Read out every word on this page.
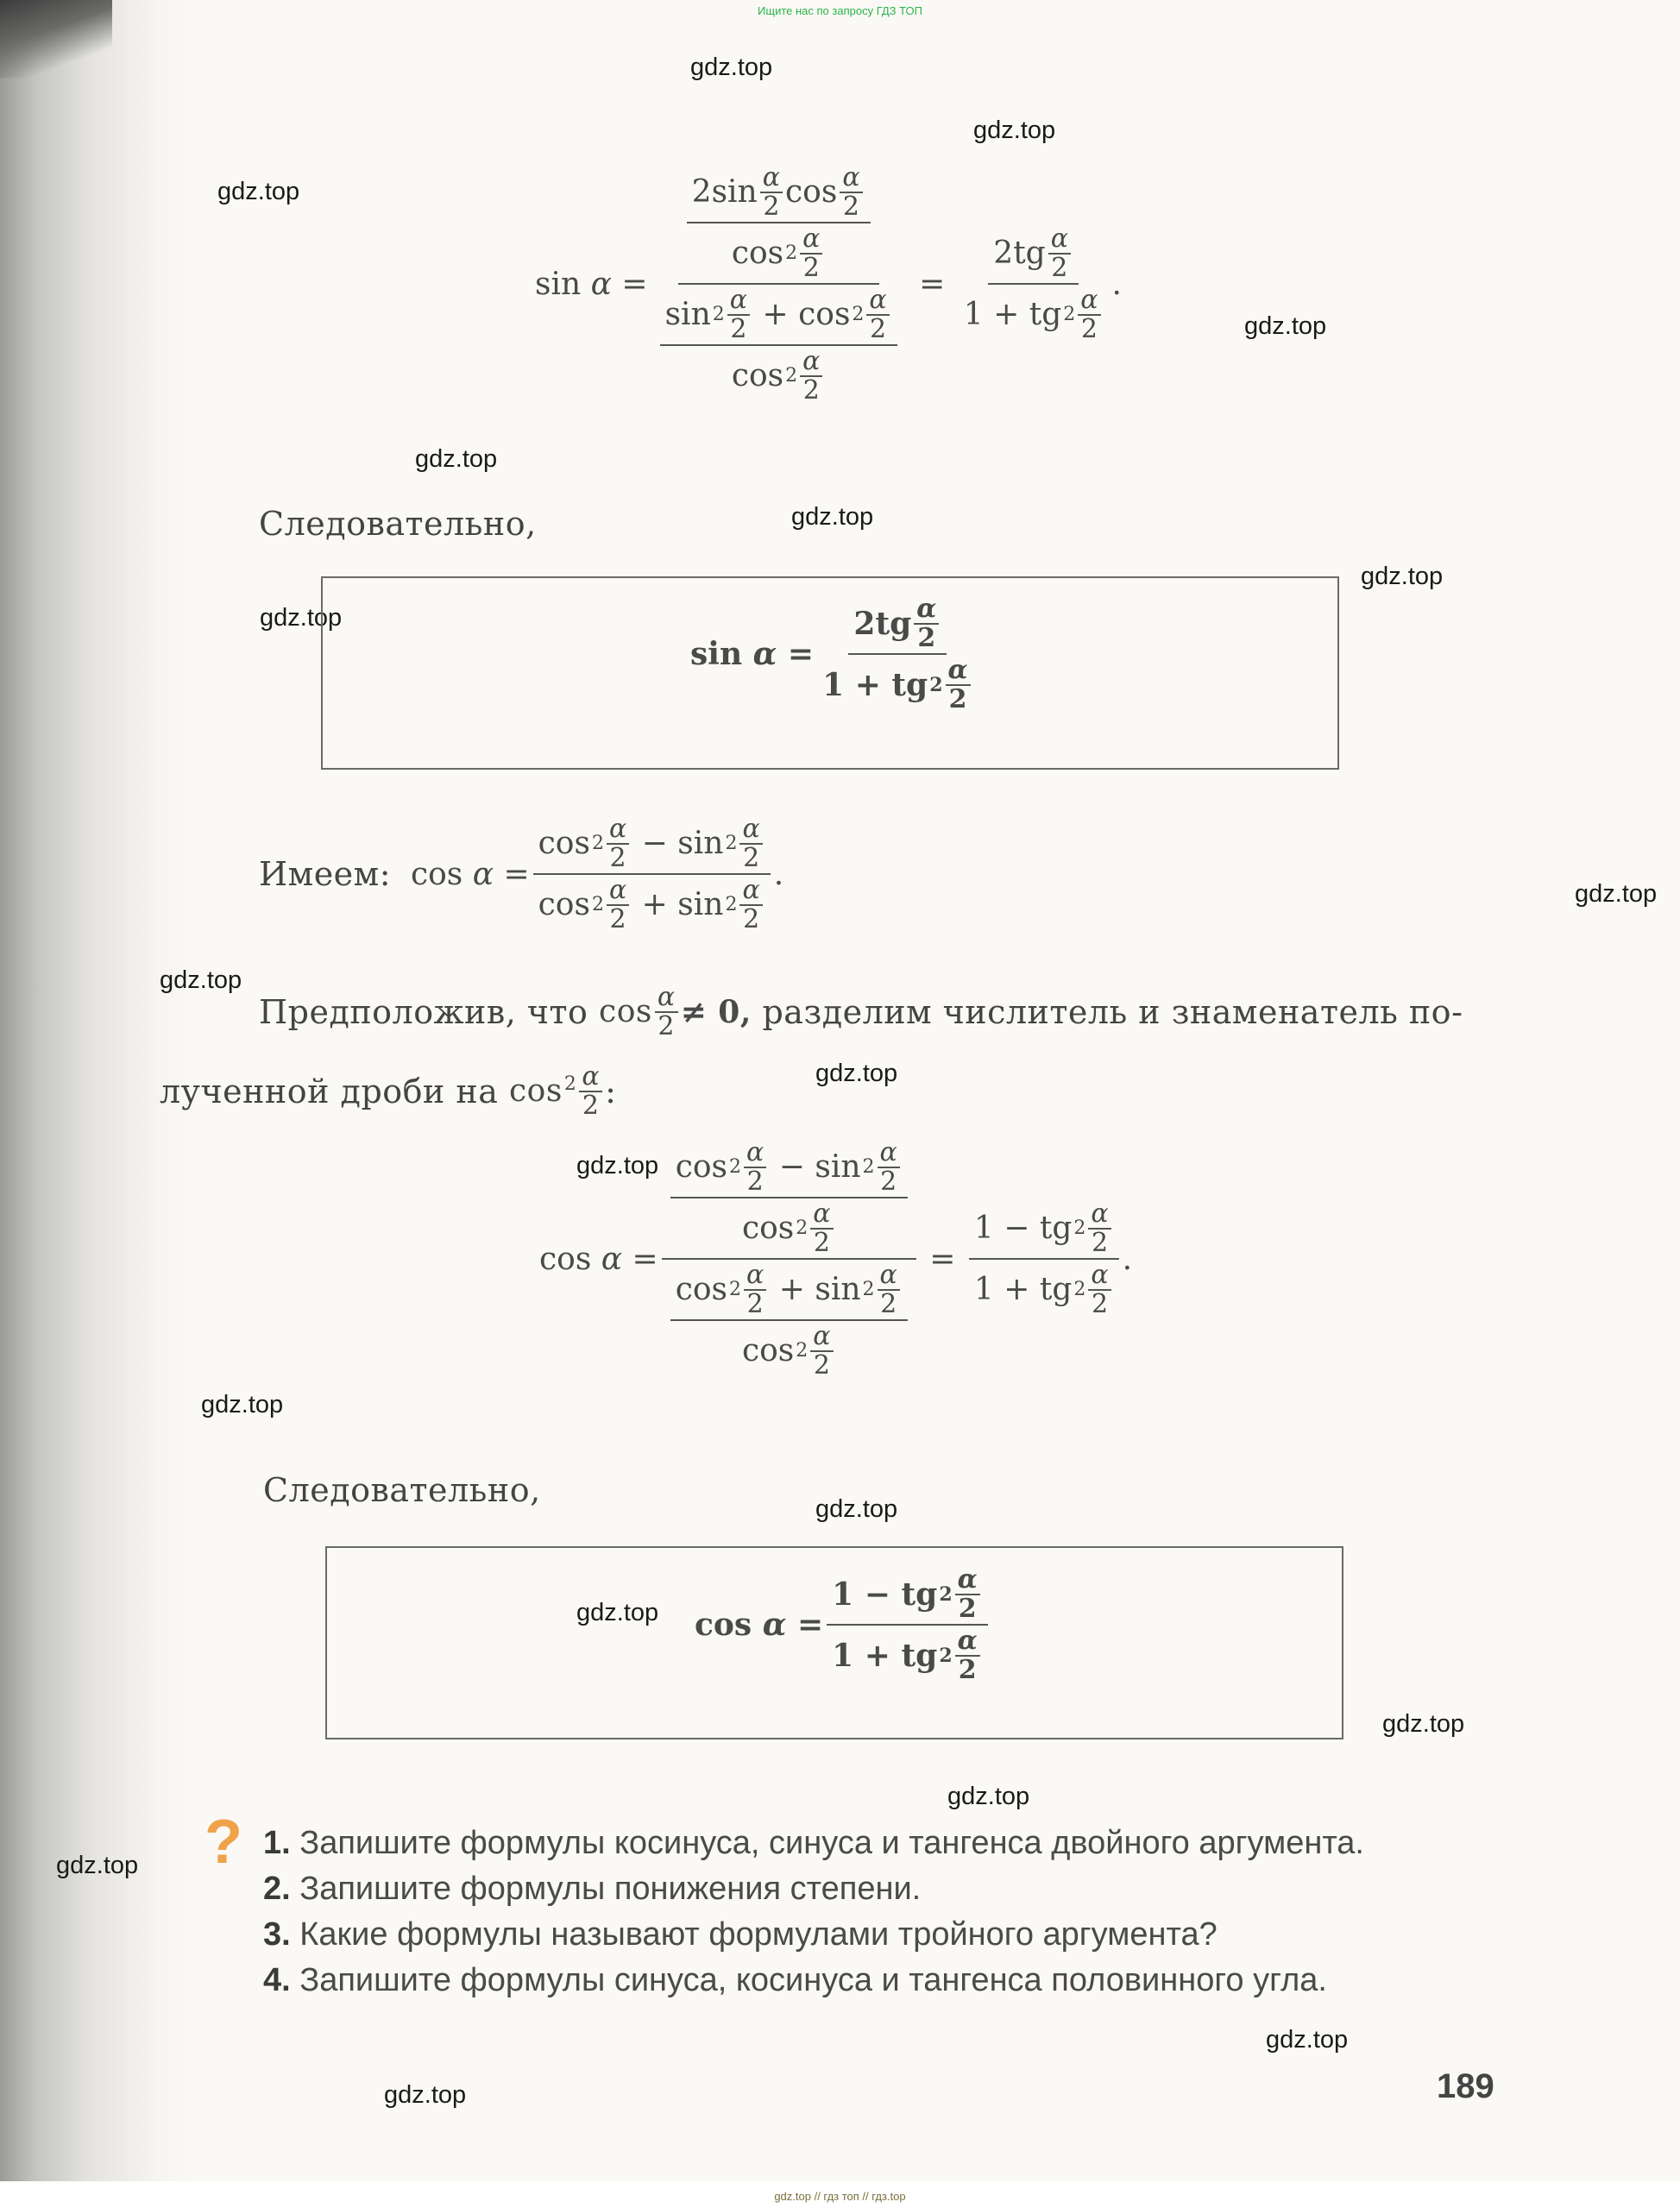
Ищите нас по запросу ГДЗ ТОП
gdz.top
gdz.top
gdz.top
gdz.top
gdz.top
gdz.top
gdz.top
gdz.top
gdz.top
gdz.top
gdz.top
gdz.top
gdz.top
gdz.top
gdz.top
gdz.top
gdz.top
gdz.top
gdz.top
gdz.top
sin α = 2 sin α
2 cos α
2
cos 2 α
2
sin 2 α
2
+
cos 2 α
2
cos 2 α
2 = 2 tg α
2
1
+
tg 2 α
2 .
Следовательно,
sin α = 2 tg α
2
1
+
tg 2 α
2
Имеем:
cos α = cos 2 α
2
−
sin 2 α
2
cos 2 α
2
+
sin 2 α
2 .
Предположив, что
cos α
2 ≠ 0,
разделим числитель и знаменатель по-
лученной дроби на
$\cos^2 \alpha$
2 :
cos α = cos 2 α
2
−
sin 2 α
2
cos 2 α
2
cos 2 α
2
+
sin 2 α
2
cos 2 α
2 = 1
−
tg 2 α
2
1
+
tg 2 α
2 .
Следовательно,
cos α = 1
−
tg 2 α
2
1
+
tg 2 α
2
? 1. Запишите формулы косинуса, синуса и тангенса двойного аргумента.
2. Запишите формулы понижения степени.
3. Какие формулы называют формулами тройного аргумента?
4. Запишите формулы синуса, косинуса и тангенса половинного угла.
189
gdz.top // гдз топ // гдз.top
